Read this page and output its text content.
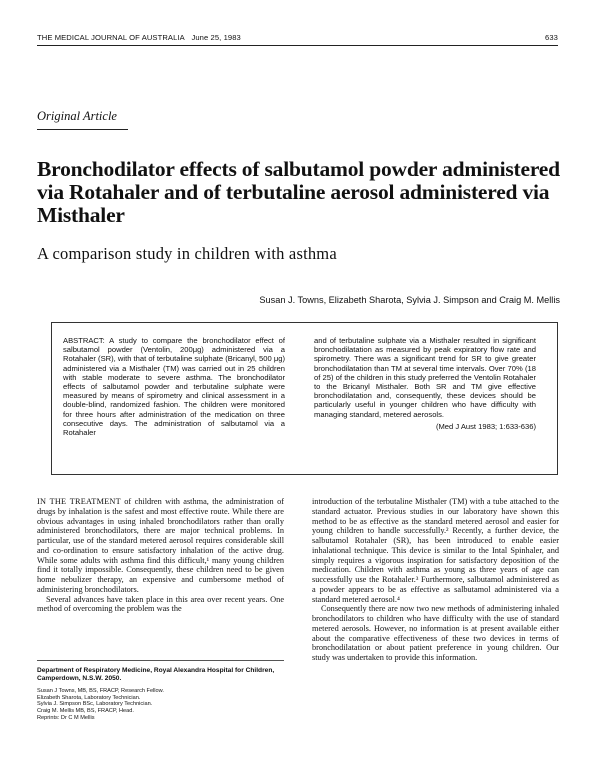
THE MEDICAL JOURNAL OF AUSTRALIA June 25, 1983	633
Original Article
Bronchodilator effects of salbutamol powder administered via Rotahaler and of terbutaline aerosol administered via Misthaler
A comparison study in children with asthma
Susan J. Towns, Elizabeth Sharota, Sylvia J. Simpson and Craig M. Mellis
ABSTRACT: A study to compare the bronchodilator effect of salbutamol powder (Ventolin, 200μg) administered via a Rotahaler (SR), with that of terbutaline sulphate (Bricanyl, 500 μg) administered via a Misthaler (TM) was carried out in 25 children with stable moderate to severe asthma. The bronchodilator effects of salbutamol powder and terbutaline sulphate were measured by means of spirometry and clinical assessment in a double-blind, randomized fashion. The children were monitored for three hours after administration of the medication on three consecutive days. The administration of salbutamol via a Rotahaler
and of terbutaline sulphate via a Misthaler resulted in significant bronchodilatation as measured by peak expiratory flow rate and spirometry. There was a significant trend for SR to give greater bronchodilatation than TM at several time intervals. Over 70% (18 of 25) of the children in this study preferred the Ventolin Rotahaler to the Bricanyl Misthaler. Both SR and TM give effective bronchodilatation and, consequently, these devices should be particularly useful in younger children who have difficulty with managing standard, metered aerosols.
(Med J Aust 1983; 1:633-636)

IN THE TREATMENT of children with asthma, the administration of drugs by inhalation is the safest and most effective route. While there are obvious advantages in using inhaled bronchodilators rather than orally administered bronchodilators, there are major technical problems. In particular, use of the standard metered aerosol requires considerable skill and co-ordination to ensure satisfactory inhalation of the active drug. While some adults with asthma find this difficult,¹ many young children find it totally impossible. Consequently, these children need to be given home nebulizer therapy, an expensive and cumbersome method of administering bronchodilators.

Several advances have taken place in this area over recent years. One method of overcoming the problem was the

introduction of the terbutaline Misthaler (TM) with a tube attached to the standard actuator. Previous studies in our laboratory have shown this method to be as effective as the standard metered aerosol and easier for young children to handle successfully.² Recently, a further device, the salbutamol Rotahaler (SR), has been introduced to enable easier inhalational technique. This device is similar to the Intal Spinhaler, and simply requires a vigorous inspiration for satisfactory deposition of the medication. Children with asthma as young as three years of age can successfully use the Rotahaler.³ Furthermore, salbutamol administered as a powder appears to be as effective as salbutamol administered via a standard metered aerosol.⁴

Consequently there are now two new methods of administering inhaled bronchodilators to children who have difficulty with the use of standard metered aerosols. However, no information is at present available either about the comparative effectiveness of these two devices in terms of bronchodilatation or about patient preference in young children. Our study was undertaken to provide this information.

Department of Respiratory Medicine, Royal Alexandra Hospital for Children, Camperdown, N.S.W. 2050.
Susan J Towns, MB, BS, FRACP, Research Fellow.
Elizabeth Sharota, Laboratory Technician.
Sylvia J. Simpson BSc, Laboratory Technician.
Craig M. Mellis MB, BS, FRACP, Head.
Reprints: Dr C M Mellis
